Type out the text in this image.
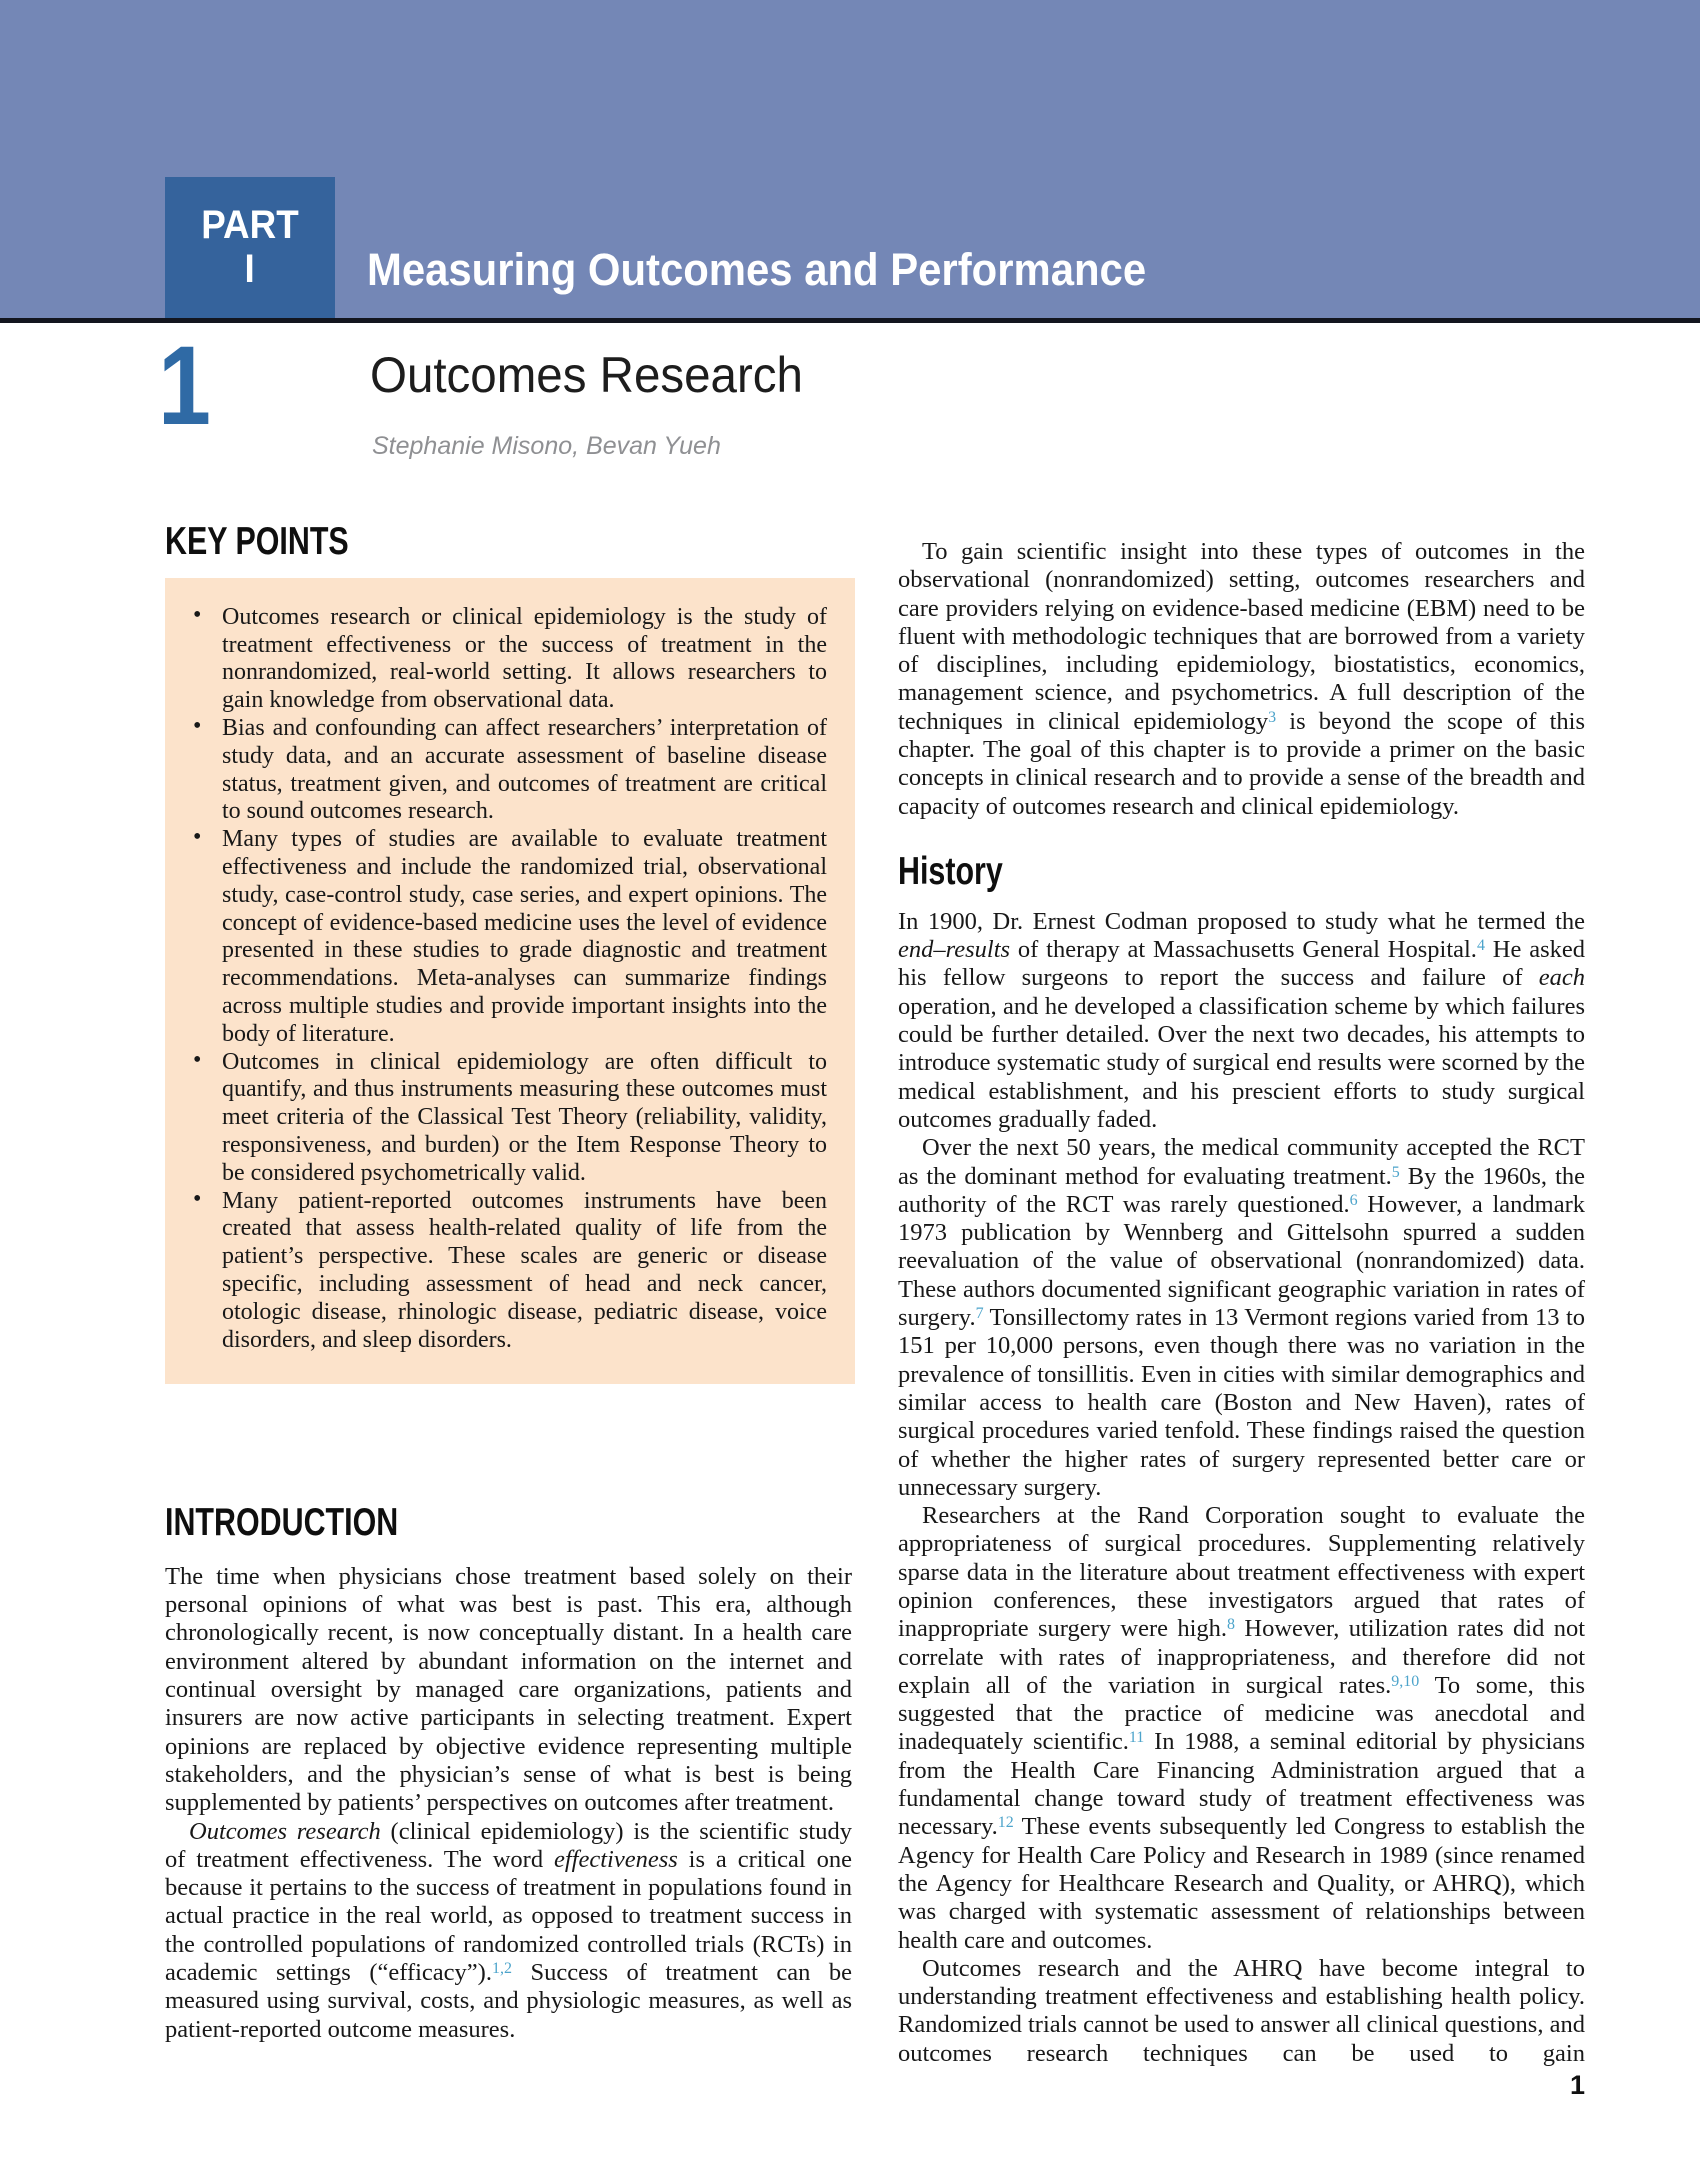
PART
I Measuring Outcomes and Performance
1	Outcomes Research
Stephanie Misono, Bevan Yueh
KEY POINTS
• Outcomes research or clinical epidemiology is the study of treatment effectiveness or the success of treatment in the nonrandomized, real-world setting. It allows researchers to gain knowledge from observational data.
• Bias and confounding can affect researchers’ interpretation of study data, and an accurate assessment of baseline disease status, treatment given, and outcomes of treatment are critical to sound outcomes research.
• Many types of studies are available to evaluate treatment effectiveness and include the randomized trial, observational study, case-control study, case series, and expert opinions. The concept of evidence-based medicine uses the level of evidence presented in these studies to grade diagnostic and treatment recommendations. Meta-analyses can summarize findings across multiple studies and provide important insights into the body of literature.
• Outcomes in clinical epidemiology are often difficult to quantify, and thus instruments measuring these outcomes must meet criteria of the Classical Test Theory (reliability, validity, responsiveness, and burden) or the Item Response Theory to be considered psychometrically valid.
• Many patient-reported outcomes instruments have been created that assess health-related quality of life from the patient’s perspective. These scales are generic or disease specific, including assessment of head and neck cancer, otologic disease, rhinologic disease, pediatric disease, voice disorders, and sleep disorders.
INTRODUCTION

The time when physicians chose treatment based solely on their personal opinions of what was best is past. This era, although chronologically recent, is now conceptually distant. In a health care environment altered by abundant information on the internet and continual oversight by managed care organizations, patients and insurers are now active participants in selecting treatment. Expert opinions are replaced by objective evidence representing multiple stakeholders, and the physician’s sense of what is best is being supplemented by patients’ perspectives on outcomes after treatment.

Outcomes research (clinical epidemiology) is the scientific study of treatment effectiveness. The word effectiveness is a critical one because it pertains to the success of treatment in populations found in actual practice in the real world, as opposed to treatment success in the controlled populations of randomized controlled trials (RCTs) in academic settings (“efficacy”).$^{1,2}$ Success of treatment can be measured using survival, costs, and physiologic measures, as well as patient-reported outcome measures.

To gain scientific insight into these types of outcomes in the observational (nonrandomized) setting, outcomes researchers and care providers relying on evidence-based medicine (EBM) need to be fluent with methodologic techniques that are borrowed from a variety of disciplines, including epidemiology, biostatistics, economics, management science, and psychometrics. A full description of the techniques in clinical epidemiology$^3$ is beyond the scope of this chapter. The goal of this chapter is to provide a primer on the basic concepts in clinical research and to provide a sense of the breadth and capacity of outcomes research and clinical epidemiology.

History

In 1900, Dr. Ernest Codman proposed to study what he termed the end–results of therapy at Massachusetts General Hospital.$^4$ He asked his fellow surgeons to report the success and failure of each operation, and he developed a classification scheme by which failures could be further detailed. Over the next two decades, his attempts to introduce systematic study of surgical end results were scorned by the medical establishment, and his prescient efforts to study surgical outcomes gradually faded.

Over the next 50 years, the medical community accepted the RCT as the dominant method for evaluating treatment.$^5$ By the 1960s, the authority of the RCT was rarely questioned.$^6$ However, a landmark 1973 publication by Wennberg and Gittelsohn spurred a sudden reevaluation of the value of observational (nonrandomized) data. These authors documented significant geographic variation in rates of surgery.$^7$ Tonsillectomy rates in 13 Vermont regions varied from 13 to 151 per 10,000 persons, even though there was no variation in the prevalence of tonsillitis. Even in cities with similar demographics and similar access to health care (Boston and New Haven), rates of surgical procedures varied tenfold. These findings raised the question of whether the higher rates of surgery represented better care or unnecessary surgery.

Researchers at the Rand Corporation sought to evaluate the appropriateness of surgical procedures. Supplementing relatively sparse data in the literature about treatment effectiveness with expert opinion conferences, these investigators argued that rates of inappropriate surgery were high.$^8$ However, utilization rates did not correlate with rates of inappropriateness, and therefore did not explain all of the variation in surgical rates.$^{9,10}$ To some, this suggested that the practice of medicine was anecdotal and inadequately scientific.$^{11}$ In 1988, a seminal editorial by physicians from the Health Care Financing Administration argued that a fundamental change toward study of treatment effectiveness was necessary.$^{12}$ These events subsequently led Congress to establish the Agency for Health Care Policy and Research in 1989 (since renamed the Agency for Healthcare Research and Quality, or AHRQ), which was charged with systematic assessment of relationships between health care and outcomes.

Outcomes research and the AHRQ have become integral to understanding treatment effectiveness and establishing health policy. Randomized trials cannot be used to answer all clinical questions, and outcomes research techniques can be used to gain

1
